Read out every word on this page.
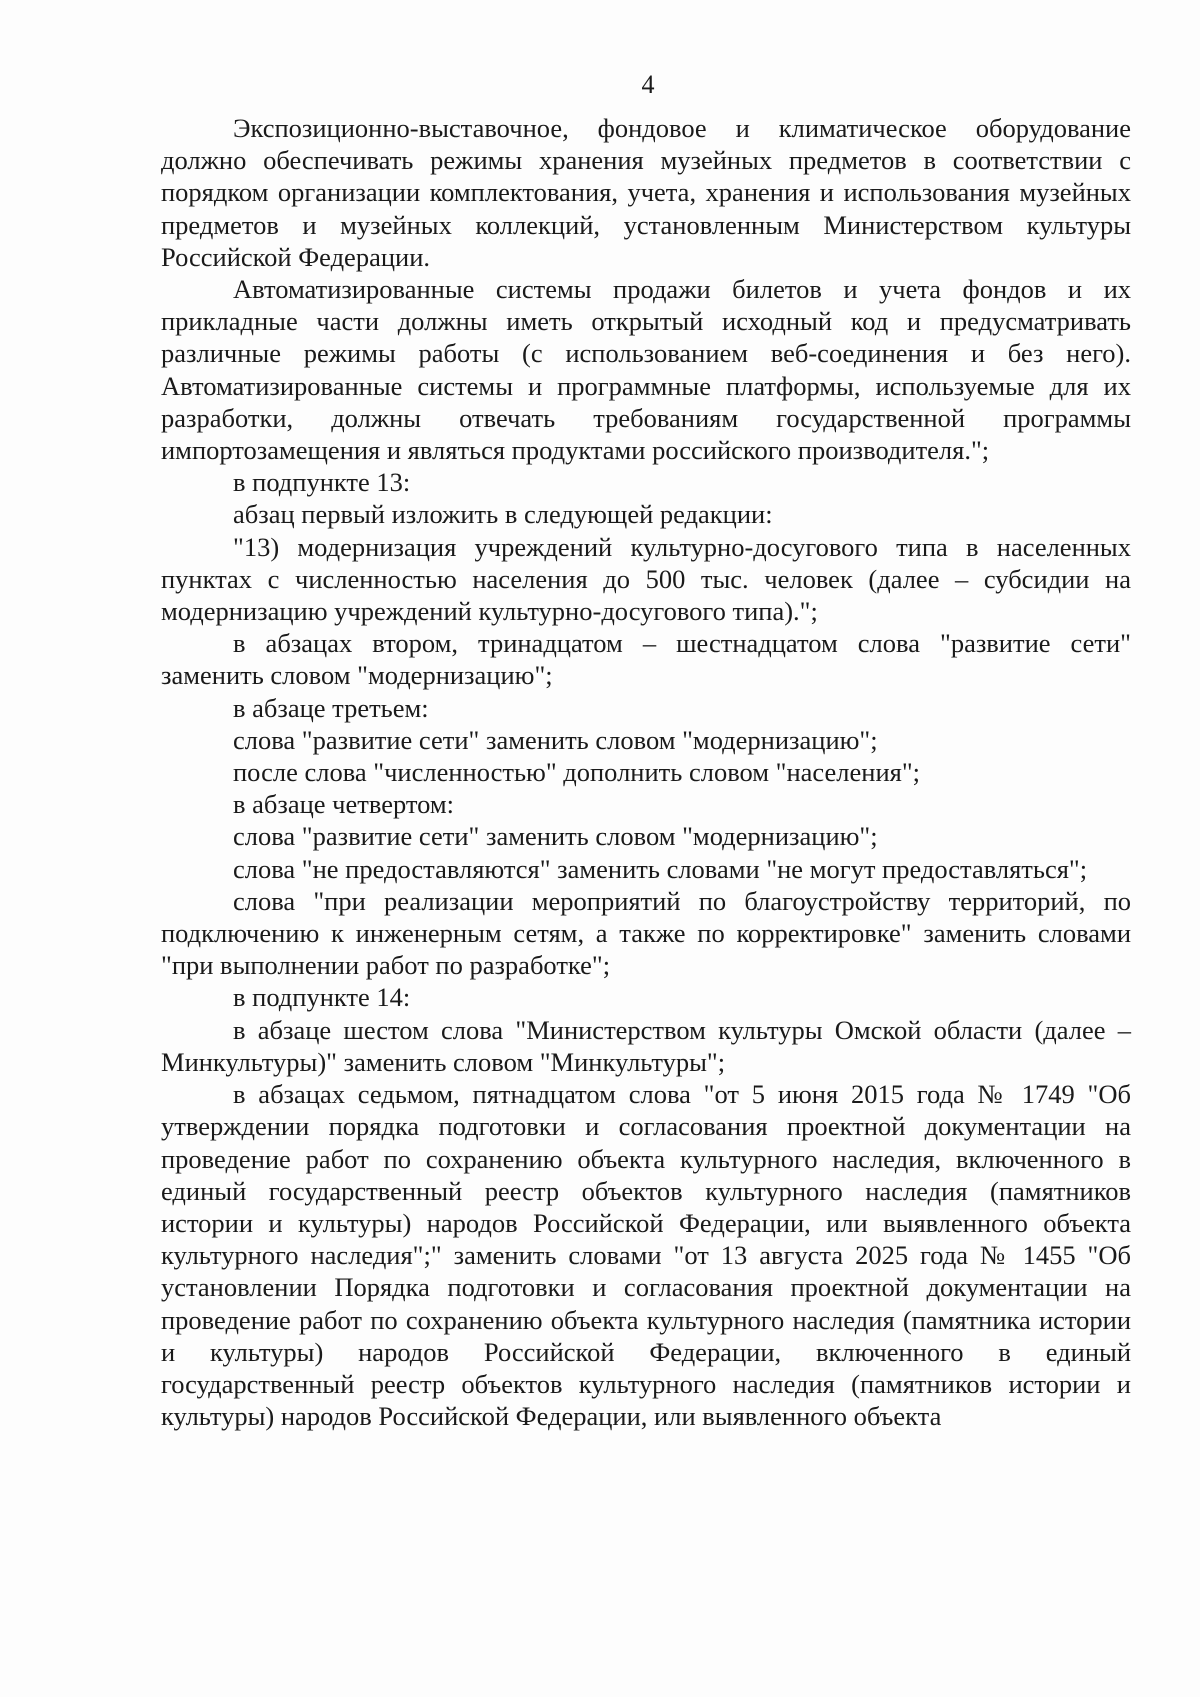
4

Экспозиционно-выставочное, фондовое и климатическое оборудование должно обеспечивать режимы хранения музейных предметов в соответствии с порядком организации комплектования, учета, хранения и использования музейных предметов и музейных коллекций, установленным Министерством культуры Российской Федерации.

Автоматизированные системы продажи билетов и учета фондов и их прикладные части должны иметь открытый исходный код и предусматривать различные режимы работы (с использованием веб-соединения и без него). Автоматизированные системы и программные платформы, используемые для их разработки, должны отвечать требованиям государственной программы импортозамещения и являться продуктами российского производителя.";

в подпункте 13:

абзац первый изложить в следующей редакции:

"13) модернизация учреждений культурно-досугового типа в населенных пунктах с численностью населения до 500 тыс. человек (далее – субсидии на модернизацию учреждений культурно-досугового типа).";

в абзацах втором, тринадцатом – шестнадцатом слова "развитие сети" заменить словом "модернизацию";

в абзаце третьем:

слова "развитие сети" заменить словом "модернизацию";

после слова "численностью" дополнить словом "населения";

в абзаце четвертом:

слова "развитие сети" заменить словом "модернизацию";

слова "не предоставляются" заменить словами "не могут предоставляться";

слова "при реализации мероприятий по благоустройству территорий, по подключению к инженерным сетям, а также по корректировке" заменить словами "при выполнении работ по разработке";

в подпункте 14:

в абзаце шестом слова "Министерством культуры Омской области (далее – Минкультуры)" заменить словом "Минкультуры";

в абзацах седьмом, пятнадцатом слова "от 5 июня 2015 года № 1749 "Об утверждении порядка подготовки и согласования проектной документации на проведение работ по сохранению объекта культурного наследия, включенного в единый государственный реестр объектов культурного наследия (памятников истории и культуры) народов Российской Федерации, или выявленного объекта культурного наследия";" заменить словами "от 13 августа 2025 года № 1455 "Об установлении Порядка подготовки и согласования проектной документации на проведение работ по сохранению объекта культурного наследия (памятника истории и культуры) народов Российской Федерации, включенного в единый государственный реестр объектов культурного наследия (памятников истории и культуры) народов Российской Федерации, или выявленного объекта
